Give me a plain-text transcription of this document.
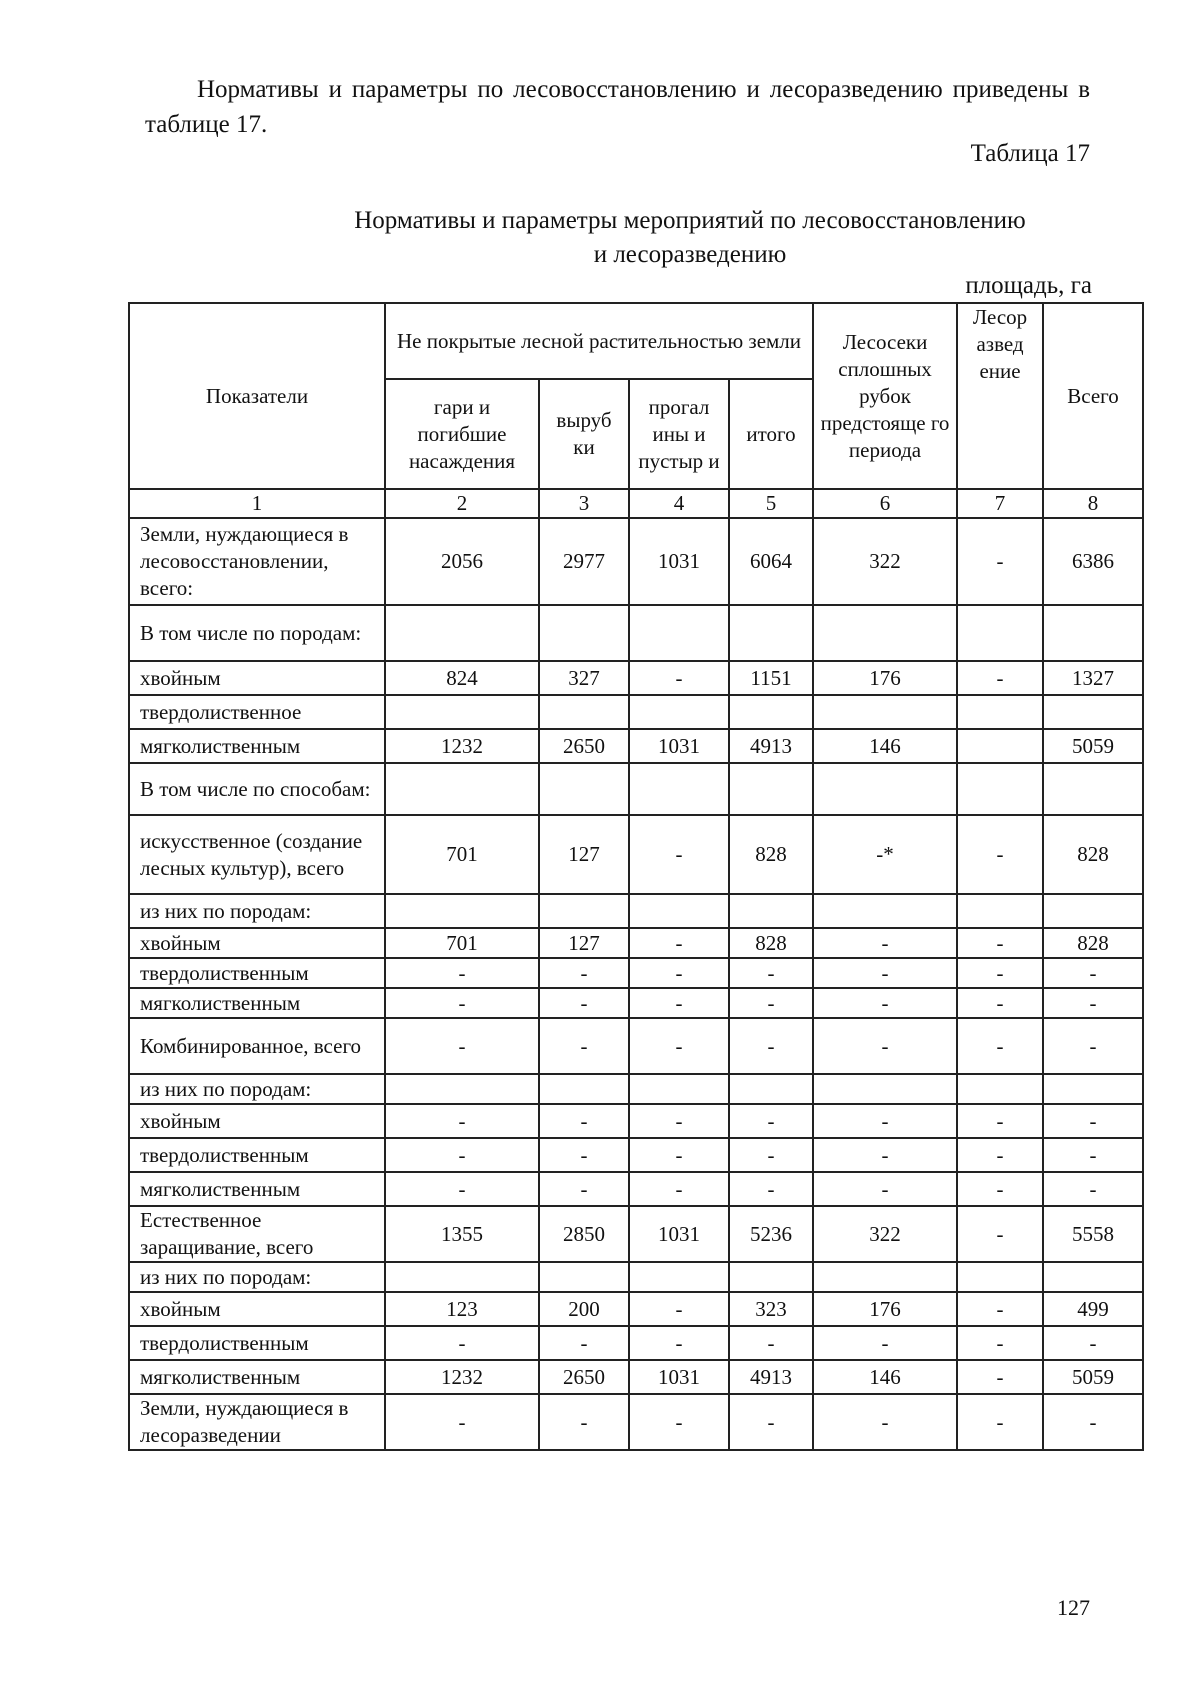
Нормативы и параметры по лесовосстановлению и лесоразведению приведены в таблице 17.

Таблица 17

Нормативы и параметры мероприятий по лесовосстановлению
и лесоразведению

площадь, га

Показатели	Не покрытые лесной растительностью земли				Лесосеки сплошных рубок предстояще го периода	Лесор азвед ение	Всего
	гари и погибшие насаждения	выруб ки	прогал ины и пустыр и	итого			
1	2	3	4	5	6	7	8
Земли, нуждающиеся в лесовосстановлении, всего:	2056	2977	1031	6064	322	-	6386
В том числе по породам:							
хвойным	824	327	-	1151	176	-	1327
твердолиственное							
мягколиственным	1232	2650	1031	4913	146		5059
В том числе по способам:							
искусственное (создание лесных культур), всего	701	127	-	828	-*	-	828
из них по породам:							
хвойным	701	127	-	828	-	-	828
твердолиственным	-	-	-	-	-	-	-
мягколиственным	-	-	-	-	-	-	-
Комбинированное, всего	-	-	-	-	-	-	-
из них по породам:							
хвойным	-	-	-	-	-	-	-
твердолиственным	-	-	-	-	-	-	-
мягколиственным	-	-	-	-	-	-	-
Естественное заращивание, всего	1355	2850	1031	5236	322	-	5558
из них по породам:							
хвойным	123	200	-	323	176	-	499
твердолиственным	-	-	-	-	-	-	-
мягколиственным	1232	2650	1031	4913	146	-	5059
Земли, нуждающиеся в лесоразведении	-	-	-	-	-	-	-
127
